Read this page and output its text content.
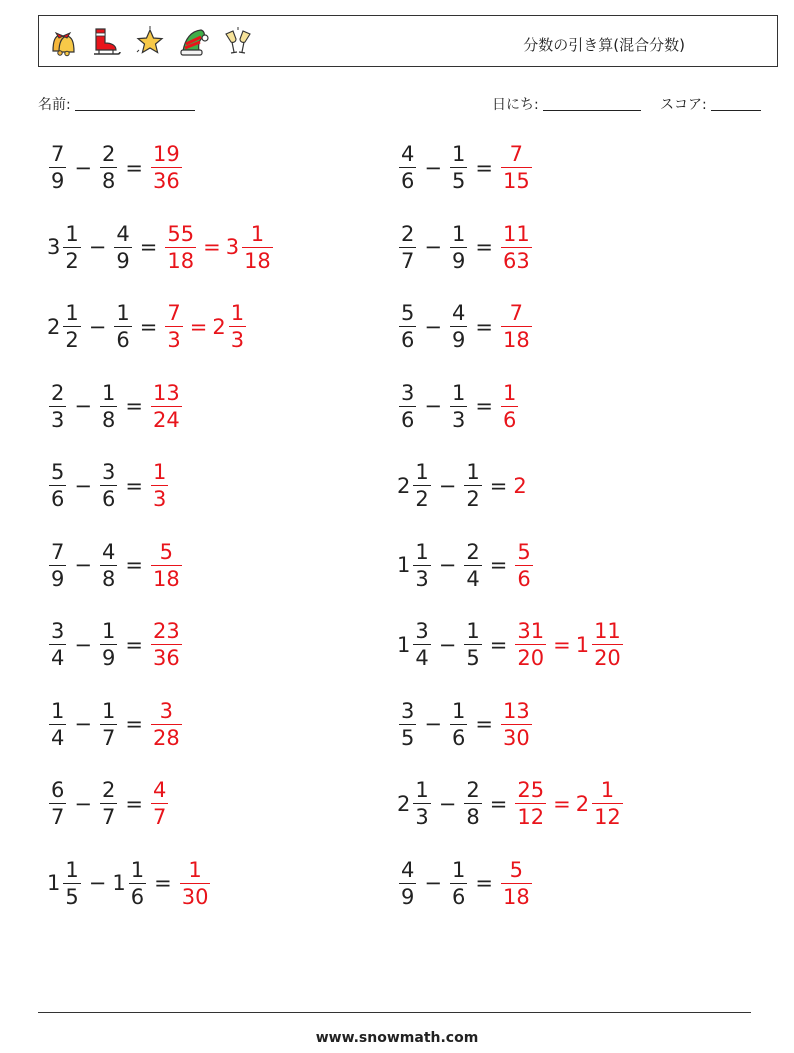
分数の引き算(混合分数)
名前:	日にち:	スコア:
$\frac{7}{9} - \frac{2}{8} = \frac{19}{36}$
$3 \frac{1}{2} - \frac{4}{9} = \frac{55}{18} = 3 \frac{1}{18}$
$2 \frac{1}{2} - \frac{1}{6} = \frac{7}{3} = 2 \frac{1}{3}$
$\frac{2}{3} - \frac{1}{8} = \frac{13}{24}$
$\frac{5}{6} - \frac{3}{6} = \frac{1}{3}$
$\frac{7}{9} - \frac{4}{8} = \frac{5}{18}$
$\frac{3}{4} - \frac{1}{9} = \frac{23}{36}$
$\frac{1}{4} - \frac{1}{7} = \frac{3}{28}$
$\frac{6}{7} - \frac{2}{7} = \frac{4}{7}$
$1 \frac{1}{5} - 1 \frac{1}{6} = \frac{1}{30}$
$\frac{4}{6} - \frac{1}{5} = \frac{7}{15}$
$\frac{2}{7} - \frac{1}{9} = \frac{11}{63}$
$\frac{5}{6} - \frac{4}{9} = \frac{7}{18}$
$\frac{3}{6} - \frac{1}{3} = \frac{1}{6}$
$2 \frac{1}{2} - \frac{1}{2} = 2$
$1 \frac{1}{3} - \frac{2}{4} = \frac{5}{6}$
$1 \frac{3}{4} - \frac{1}{5} = \frac{31}{20} = 1 \frac{11}{20}$
$\frac{3}{5} - \frac{1}{6} = \frac{13}{30}$
$2 \frac{1}{3} - \frac{2}{8} = \frac{25}{12} = 2 \frac{1}{12}$
$\frac{4}{9} - \frac{1}{6} = \frac{5}{18}$
www.snowmath.com
